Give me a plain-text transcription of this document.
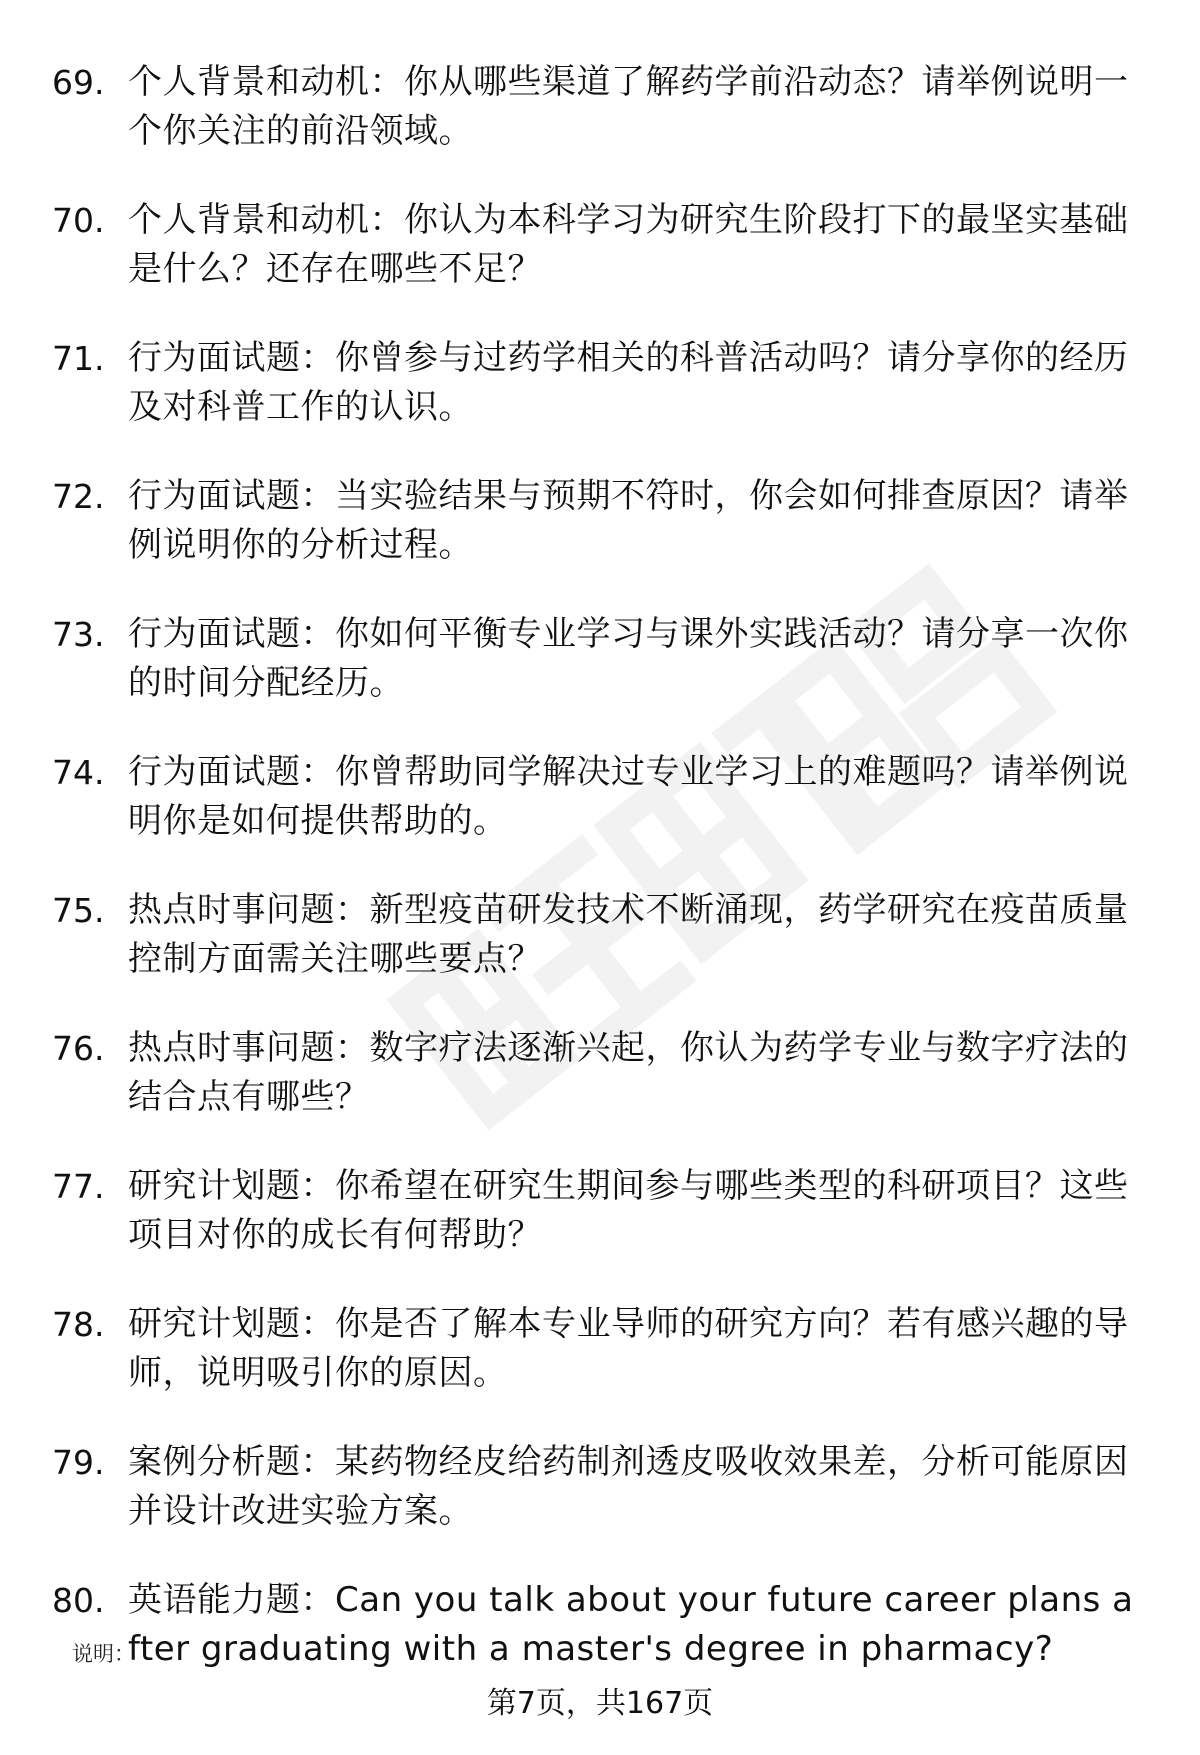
69. 个人背景和动机：你从哪些渠道了解药学前沿动态？请举例说明一个你关注的前沿领域。
70. 个人背景和动机：你认为本科学习为研究生阶段打下的最坚实基础是什么？还存在哪些不足？
71. 行为面试题：你曾参与过药学相关的科普活动吗？请分享你的经历及对科普工作的认识。
72. 行为面试题：当实验结果与预期不符时，你会如何排查原因？请举例说明你的分析过程。
73. 行为面试题：你如何平衡专业学习与课外实践活动？请分享一次你的时间分配经历。
74. 行为面试题：你曾帮助同学解决过专业学习上的难题吗？请举例说明你是如何提供帮助的。
75. 热点时事问题：新型疫苗研发技术不断涌现，药学研究在疫苗质量控制方面需关注哪些要点？
76. 热点时事问题：数字疗法逐渐兴起，你认为药学专业与数字疗法的结合点有哪些？
77. 研究计划题：你希望在研究生期间参与哪些类型的科研项目？这些项目对你的成长有何帮助？
78. 研究计划题：你是否了解本专业导师的研究方向？若有感兴趣的导师，说明吸引你的原因。
79. 案例分析题：某药物经皮给药制剂透皮吸收效果差，分析可能原因并设计改进实验方案。
80. 英语能力题：Can you talk about your future career plans after graduating with a master's degree in pharmacy?
说明：
第7页，共167页
